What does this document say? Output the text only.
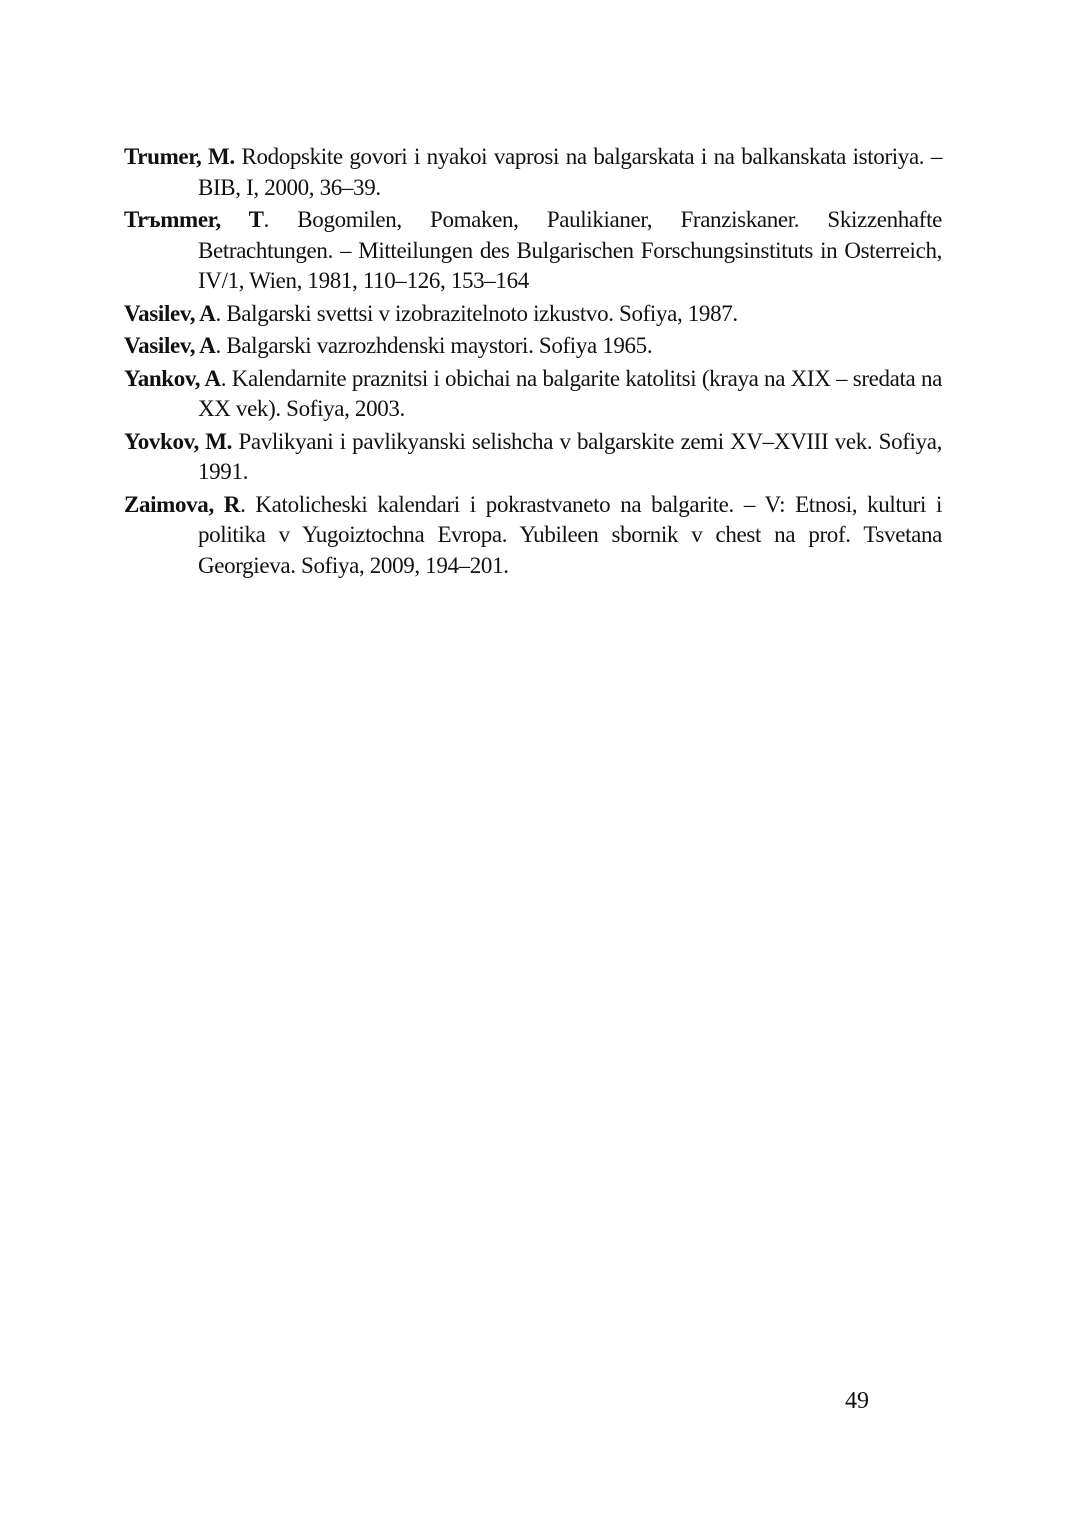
Trumer, M. Rodopskite govori i nyakoi vaprosi na balgarskata i na balkanskata istoriya. – BIB, I, 2000, 36–39.

Trъmmer, T. Bogomilen, Pomaken, Paulikianer, Franziskaner. Skizzenhafte Betrachtungen. – Mitteilungen des Bulgarischen Forschungsinstituts in Osterreich, IV/1, Wien, 1981, 110–126, 153–164

Vasilev, A. Balgarski svettsi v izobrazitelnoto izkustvo. Sofiya, 1987.

Vasilev, A. Balgarski vazrozhdenski maystori. Sofiya 1965.

Yankov, A. Kalendarnite praznitsi i obichai na balgarite katolitsi (kraya na XIX – sredata na XX vek). Sofiya, 2003.

Yovkov, M. Pavlikyani i pavlikyanski selishcha v balgarskite zemi XV–XVIII vek. Sofiya, 1991.

Zaimova, R. Katolicheski kalendari i pokrastvaneto na balgarite. – V: Etnosi, kulturi i politika v Yugoiztochna Evropa. Yubileen sbornik v chest na prof. Tsvetana Georgieva. Sofiya, 2009, 194–201.

49
